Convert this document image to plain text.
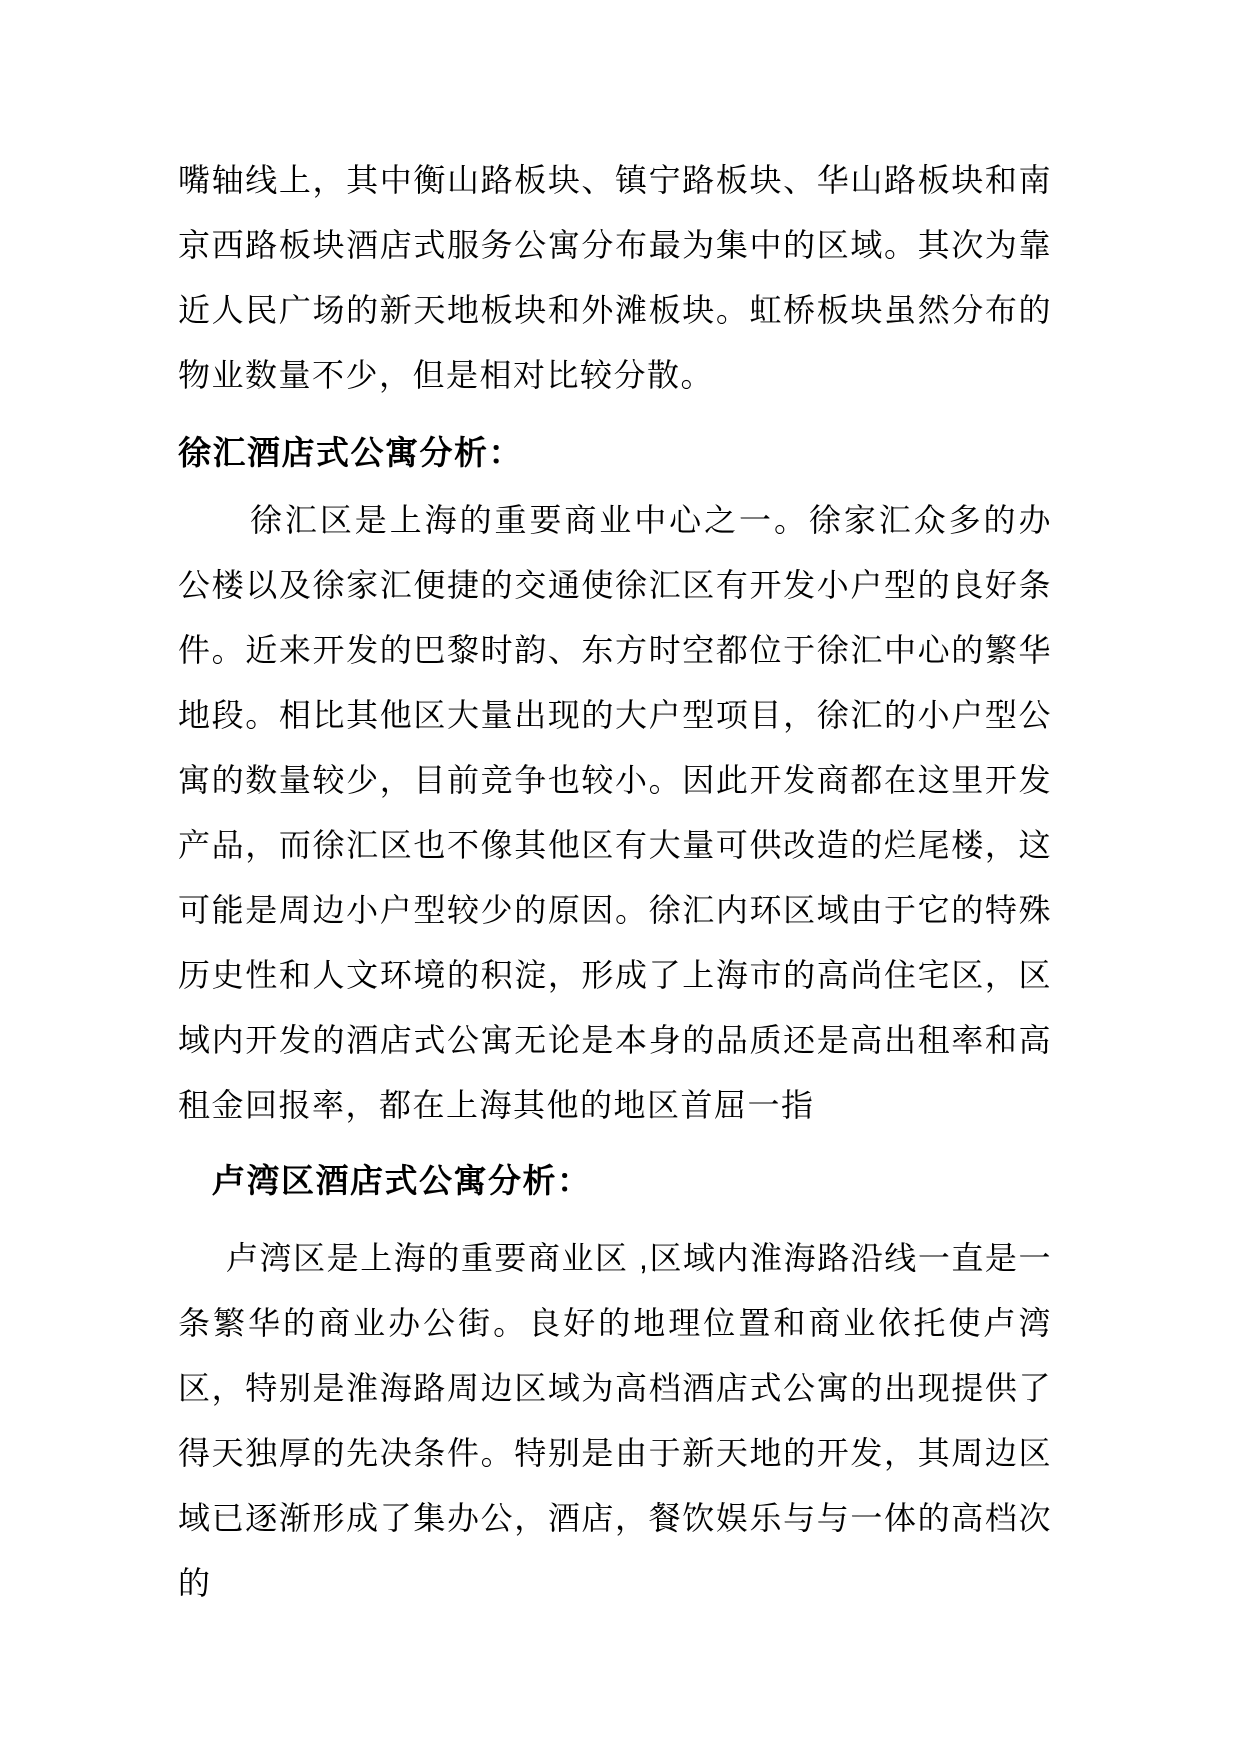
嘴轴线上，其中衡山路板块、镇宁路板块、华山路板块和南京西路板块酒店式服务公寓分布最为集中的区域。其次为靠近人民广场的新天地板块和外滩板块。虹桥板块虽然分布的物业数量不少，但是相对比较分散。

徐汇酒店式公寓分析：

徐汇区是上海的重要商业中心之一。徐家汇众多的办公楼以及徐家汇便捷的交通使徐汇区有开发小户型的良好条件。近来开发的巴黎时韵、东方时空都位于徐汇中心的繁华地段。相比其他区大量出现的大户型项目，徐汇的小户型公寓的数量较少，目前竞争也较小。因此开发商都在这里开发产品，而徐汇区也不像其他区有大量可供改造的烂尾楼，这可能是周边小户型较少的原因。徐汇内环区域由于它的特殊历史性和人文环境的积淀，形成了上海市的高尚住宅区，区域内开发的酒店式公寓无论是本身的品质还是高出租率和高租金回报率，都在上海其他的地区首屈一指

卢湾区酒店式公寓分析：

卢湾区是上海的重要商业区 ,区域内淮海路沿线一直是一条繁华的商业办公街。良好的地理位置和商业依托使卢湾区，特别是淮海路周边区域为高档酒店式公寓的出现提供了得天独厚的先决条件。特别是由于新天地的开发，其周边区域已逐渐形成了集办公，酒店，餐饮娱乐与与一体的高档次的
